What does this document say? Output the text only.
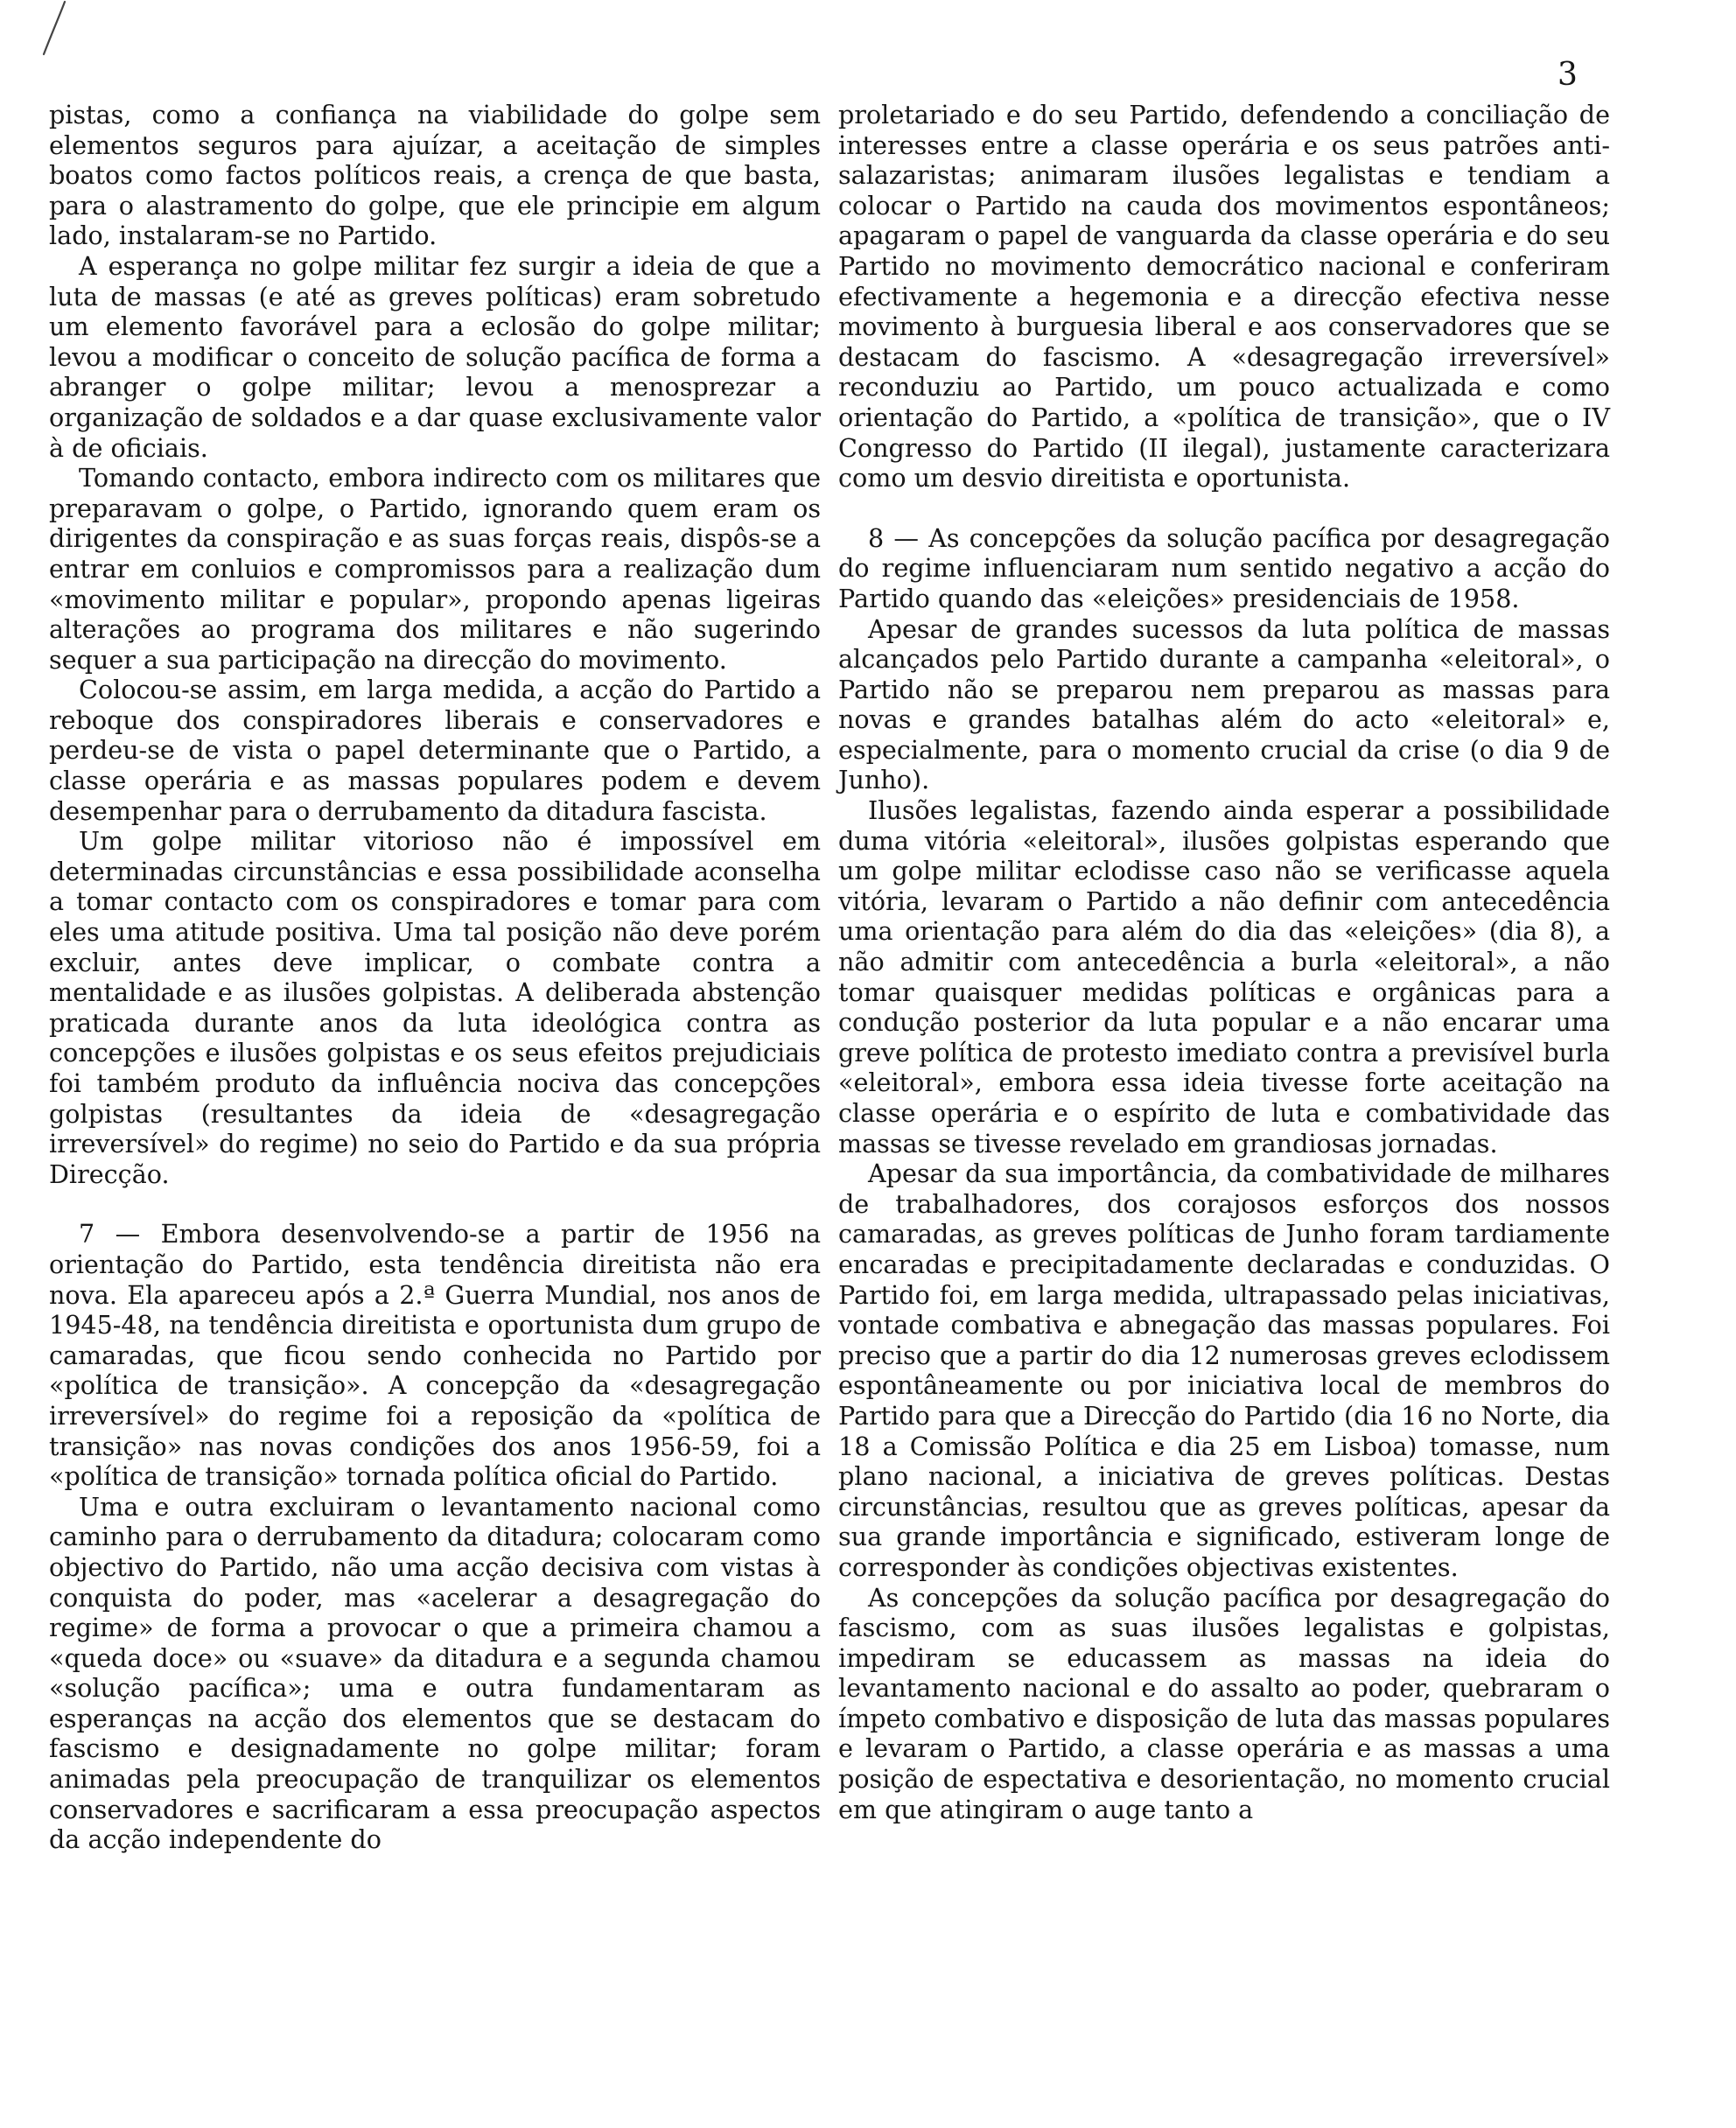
3

pistas, como a confiança na viabilidade do golpe sem elementos seguros para ajuízar, a aceitação de simples boatos como factos políticos reais, a crença de que basta, para o alastramento do golpe, que ele principie em algum lado, instalaram-se no Partido.

A esperança no golpe militar fez surgir a ideia de que a luta de massas (e até as greves políticas) eram sobretudo um elemento favorável para a eclosão do golpe militar; levou a modificar o conceito de solução pacífica de forma a abranger o golpe militar; levou a menosprezar a organização de soldados e a dar quase exclusivamente valor à de oficiais.

Tomando contacto, embora indirecto com os militares que preparavam o golpe, o Partido, ignorando quem eram os dirigentes da conspiração e as suas forças reais, dispôs-se a entrar em conluios e compromissos para a realização dum «movimento militar e popular», propondo apenas ligeiras alterações ao programa dos militares e não sugerindo sequer a sua participação na direcção do movimento.

Colocou-se assim, em larga medida, a acção do Partido a reboque dos conspiradores liberais e conservadores e perdeu-se de vista o papel determinante que o Partido, a classe operária e as massas populares podem e devem desempenhar para o derrubamento da ditadura fascista.

Um golpe militar vitorioso não é impossível em determinadas circunstâncias e essa possibilidade aconselha a tomar contacto com os conspiradores e tomar para com eles uma atitude positiva. Uma tal posição não deve porém excluir, antes deve implicar, o combate contra a mentalidade e as ilusões golpistas. A deliberada abstenção praticada durante anos da luta ideológica contra as concepções e ilusões golpistas e os seus efeitos prejudiciais foi também produto da influência nociva das concepções golpistas (resultantes da ideia de «desagregação irreversível» do regime) no seio do Partido e da sua própria Direcção.

7 — Embora desenvolvendo-se a partir de 1956 na orientação do Partido, esta tendência direitista não era nova. Ela apareceu após a 2.ª Guerra Mundial, nos anos de 1945-48, na tendência direitista e oportunista dum grupo de camaradas, que ficou sendo conhecida no Partido por «política de transição». A concepção da «desagregação irreversível» do regime foi a reposição da «política de transição» nas novas condições dos anos 1956-59, foi a «política de transição» tornada política oficial do Partido.

Uma e outra excluiram o levantamento nacional como caminho para o derrubamento da ditadura; colocaram como objectivo do Partido, não uma acção decisiva com vistas à conquista do poder, mas «acelerar a desagregação do regime» de forma a provocar o que a primeira chamou a «queda doce» ou «suave» da ditadura e a segunda chamou «solução pacífica»; uma e outra fundamentaram as esperanças na acção dos elementos que se destacam do fascismo e designadamente no golpe militar; foram animadas pela preocupação de tranquilizar os elementos conservadores e sacrificaram a essa preocupação aspectos da acção independente do

proletariado e do seu Partido, defendendo a conciliação de interesses entre a classe operária e os seus patrões anti-salazaristas; animaram ilusões legalistas e tendiam a colocar o Partido na cauda dos movimentos espontâneos; apagaram o papel de vanguarda da classe operária e do seu Partido no movimento democrático nacional e conferiram efectivamente a hegemonia e a direcção efectiva nesse movimento à burguesia liberal e aos conservadores que se destacam do fascismo. A «desagregação irreversível» reconduziu ao Partido, um pouco actualizada e como orientação do Partido, a «política de transição», que o IV Congresso do Partido (II ilegal), justamente caracterizara como um desvio direitista e oportunista.

8 — As concepções da solução pacífica por desagregação do regime influenciaram num sentido negativo a acção do Partido quando das «eleições» presidenciais de 1958.

Apesar de grandes sucessos da luta política de massas alcançados pelo Partido durante a campanha «eleitoral», o Partido não se preparou nem preparou as massas para novas e grandes batalhas além do acto «eleitoral» e, especialmente, para o momento crucial da crise (o dia 9 de Junho).

Ilusões legalistas, fazendo ainda esperar a possibilidade duma vitória «eleitoral», ilusões golpistas esperando que um golpe militar eclodisse caso não se verificasse aquela vitória, levaram o Partido a não definir com antecedência uma orientação para além do dia das «eleições» (dia 8), a não admitir com antecedência a burla «eleitoral», a não tomar quaisquer medidas políticas e orgânicas para a condução posterior da luta popular e a não encarar uma greve política de protesto imediato contra a previsível burla «eleitoral», embora essa ideia tivesse forte aceitação na classe operária e o espírito de luta e combatividade das massas se tivesse revelado em grandiosas jornadas.

Apesar da sua importância, da combatividade de milhares de trabalhadores, dos corajosos esforços dos nossos camaradas, as greves políticas de Junho foram tardiamente encaradas e precipitadamente declaradas e conduzidas. O Partido foi, em larga medida, ultrapassado pelas iniciativas, vontade combativa e abnegação das massas populares. Foi preciso que a partir do dia 12 numerosas greves eclodissem espontâneamente ou por iniciativa local de membros do Partido para que a Direcção do Partido (dia 16 no Norte, dia 18 a Comissão Política e dia 25 em Lisboa) tomasse, num plano nacional, a iniciativa de greves políticas. Destas circunstâncias, resultou que as greves políticas, apesar da sua grande importância e significado, estiveram longe de corresponder às condições objectivas existentes.

As concepções da solução pacífica por desagregação do fascismo, com as suas ilusões legalistas e golpistas, impediram se educassem as massas na ideia do levantamento nacional e do assalto ao poder, quebraram o ímpeto combativo e disposição de luta das massas populares e levaram o Partido, a classe operária e as massas a uma posição de espectativa e desorientação, no momento crucial em que atingiram o auge tanto a
